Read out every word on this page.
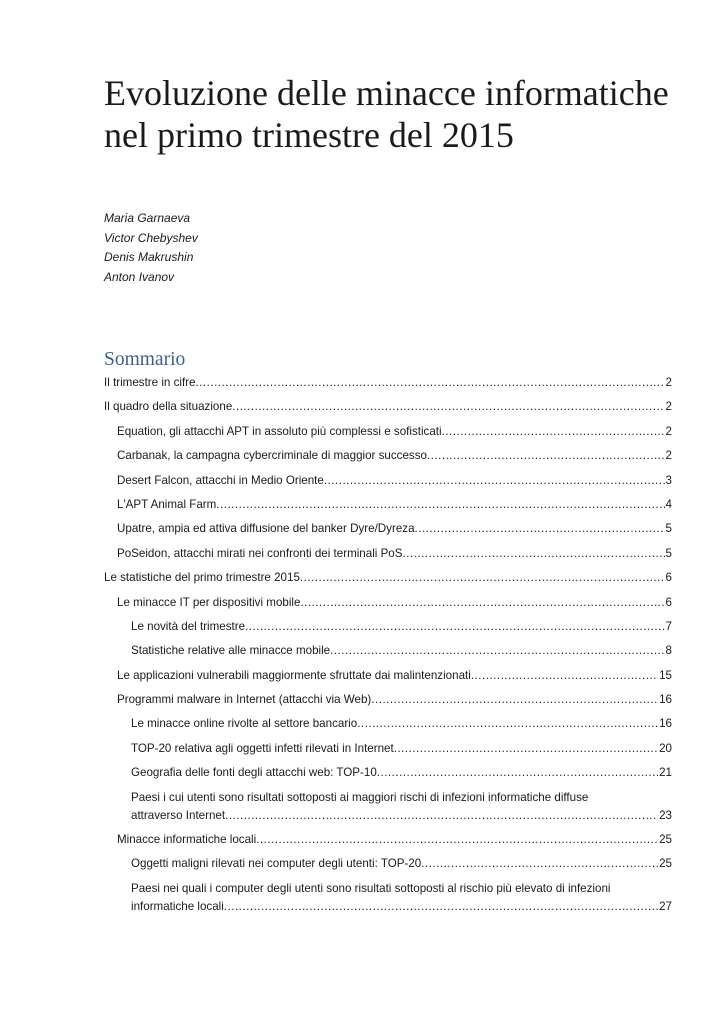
Evoluzione delle minacce informatiche
nel primo trimestre del 2015
Maria Garnaeva
Victor Chebyshev
Denis Makrushin
Anton Ivanov
Sommario
Il trimestre in cifre .....	2
Il quadro della situazione .....	2
Equation, gli attacchi APT in assoluto più complessi e sofisticati .....	2
Carbanak, la campagna cybercriminale di maggior successo .....	2
Desert Falcon, attacchi in Medio Oriente .....	3
L'APT Animal Farm .....	4
Upatre, ampia ed attiva diffusione del banker Dyre/Dyreza .....	5
PoSeidon, attacchi mirati nei confronti dei terminali PoS .....	5
Le statistiche del primo trimestre 2015 .....	6
Le minacce IT per dispositivi mobile .....	6
Le novità del trimestre .....	7
Statistiche relative alle minacce mobile .....	8
Le applicazioni vulnerabili maggiormente sfruttate dai malintenzionati .....	15
Programmi malware in Internet (attacchi via Web) .....	16
Le minacce online rivolte al settore bancario .....	16
TOP-20 relativa agli oggetti infetti rilevati in Internet .....	20
Geografia delle fonti degli attacchi web: TOP-10 .....	21
Paesi i cui utenti sono risultati sottoposti ai maggiori rischi di infezioni informatiche diffuse
attraverso Internet .....	23
Minacce informatiche locali .....	25
Oggetti maligni rilevati nei computer degli utenti: TOP-20 .....	25
Paesi nei quali i computer degli utenti sono risultati sottoposti al rischio più elevato di infezioni
informatiche locali .....	27
